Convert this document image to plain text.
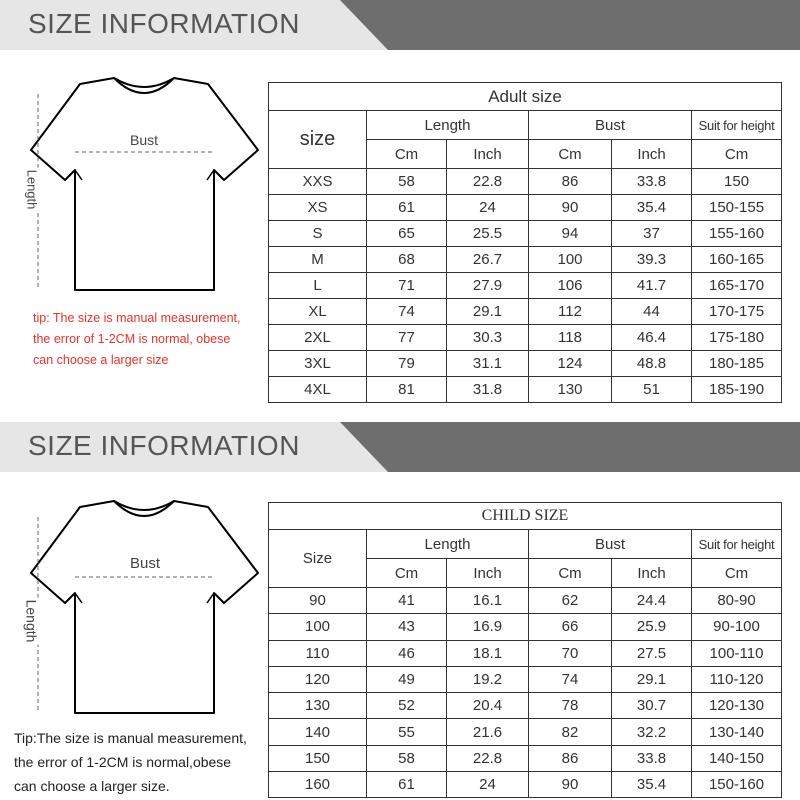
SIZE INFORMATION
Bust
Length
tip: The size is manual measurement,
the error of 1-2CM is normal, obese
can choose a larger size
Adult size					
size	Length		Bust		Suit for height
	Cm	Inch	Cm	Inch	Cm
XXS	58	22.8	86	33.8	150
XS	61	24	90	35.4	150-155
S	65	25.5	94	37	155-160
M	68	26.7	100	39.3	160-165
L	71	27.9	106	41.7	165-170
XL	74	29.1	112	44	170-175
2XL	77	30.3	118	46.4	175-180
3XL	79	31.1	124	48.8	180-185
4XL	81	31.8	130	51	185-190
SIZE INFORMATION
Bust
Length
Tip:The size is manual measurement,
the error of 1-2CM is normal,obese
can choose a larger size.
CHILD SIZE					
Size	Length		Bust		Suit for height
	Cm	Inch	Cm	Inch	Cm
90	41	16.1	62	24.4	80-90
100	43	16.9	66	25.9	90-100
110	46	18.1	70	27.5	100-110
120	49	19.2	74	29.1	110-120
130	52	20.4	78	30.7	120-130
140	55	21.6	82	32.2	130-140
150	58	22.8	86	33.8	140-150
160	61	24	90	35.4	150-160
